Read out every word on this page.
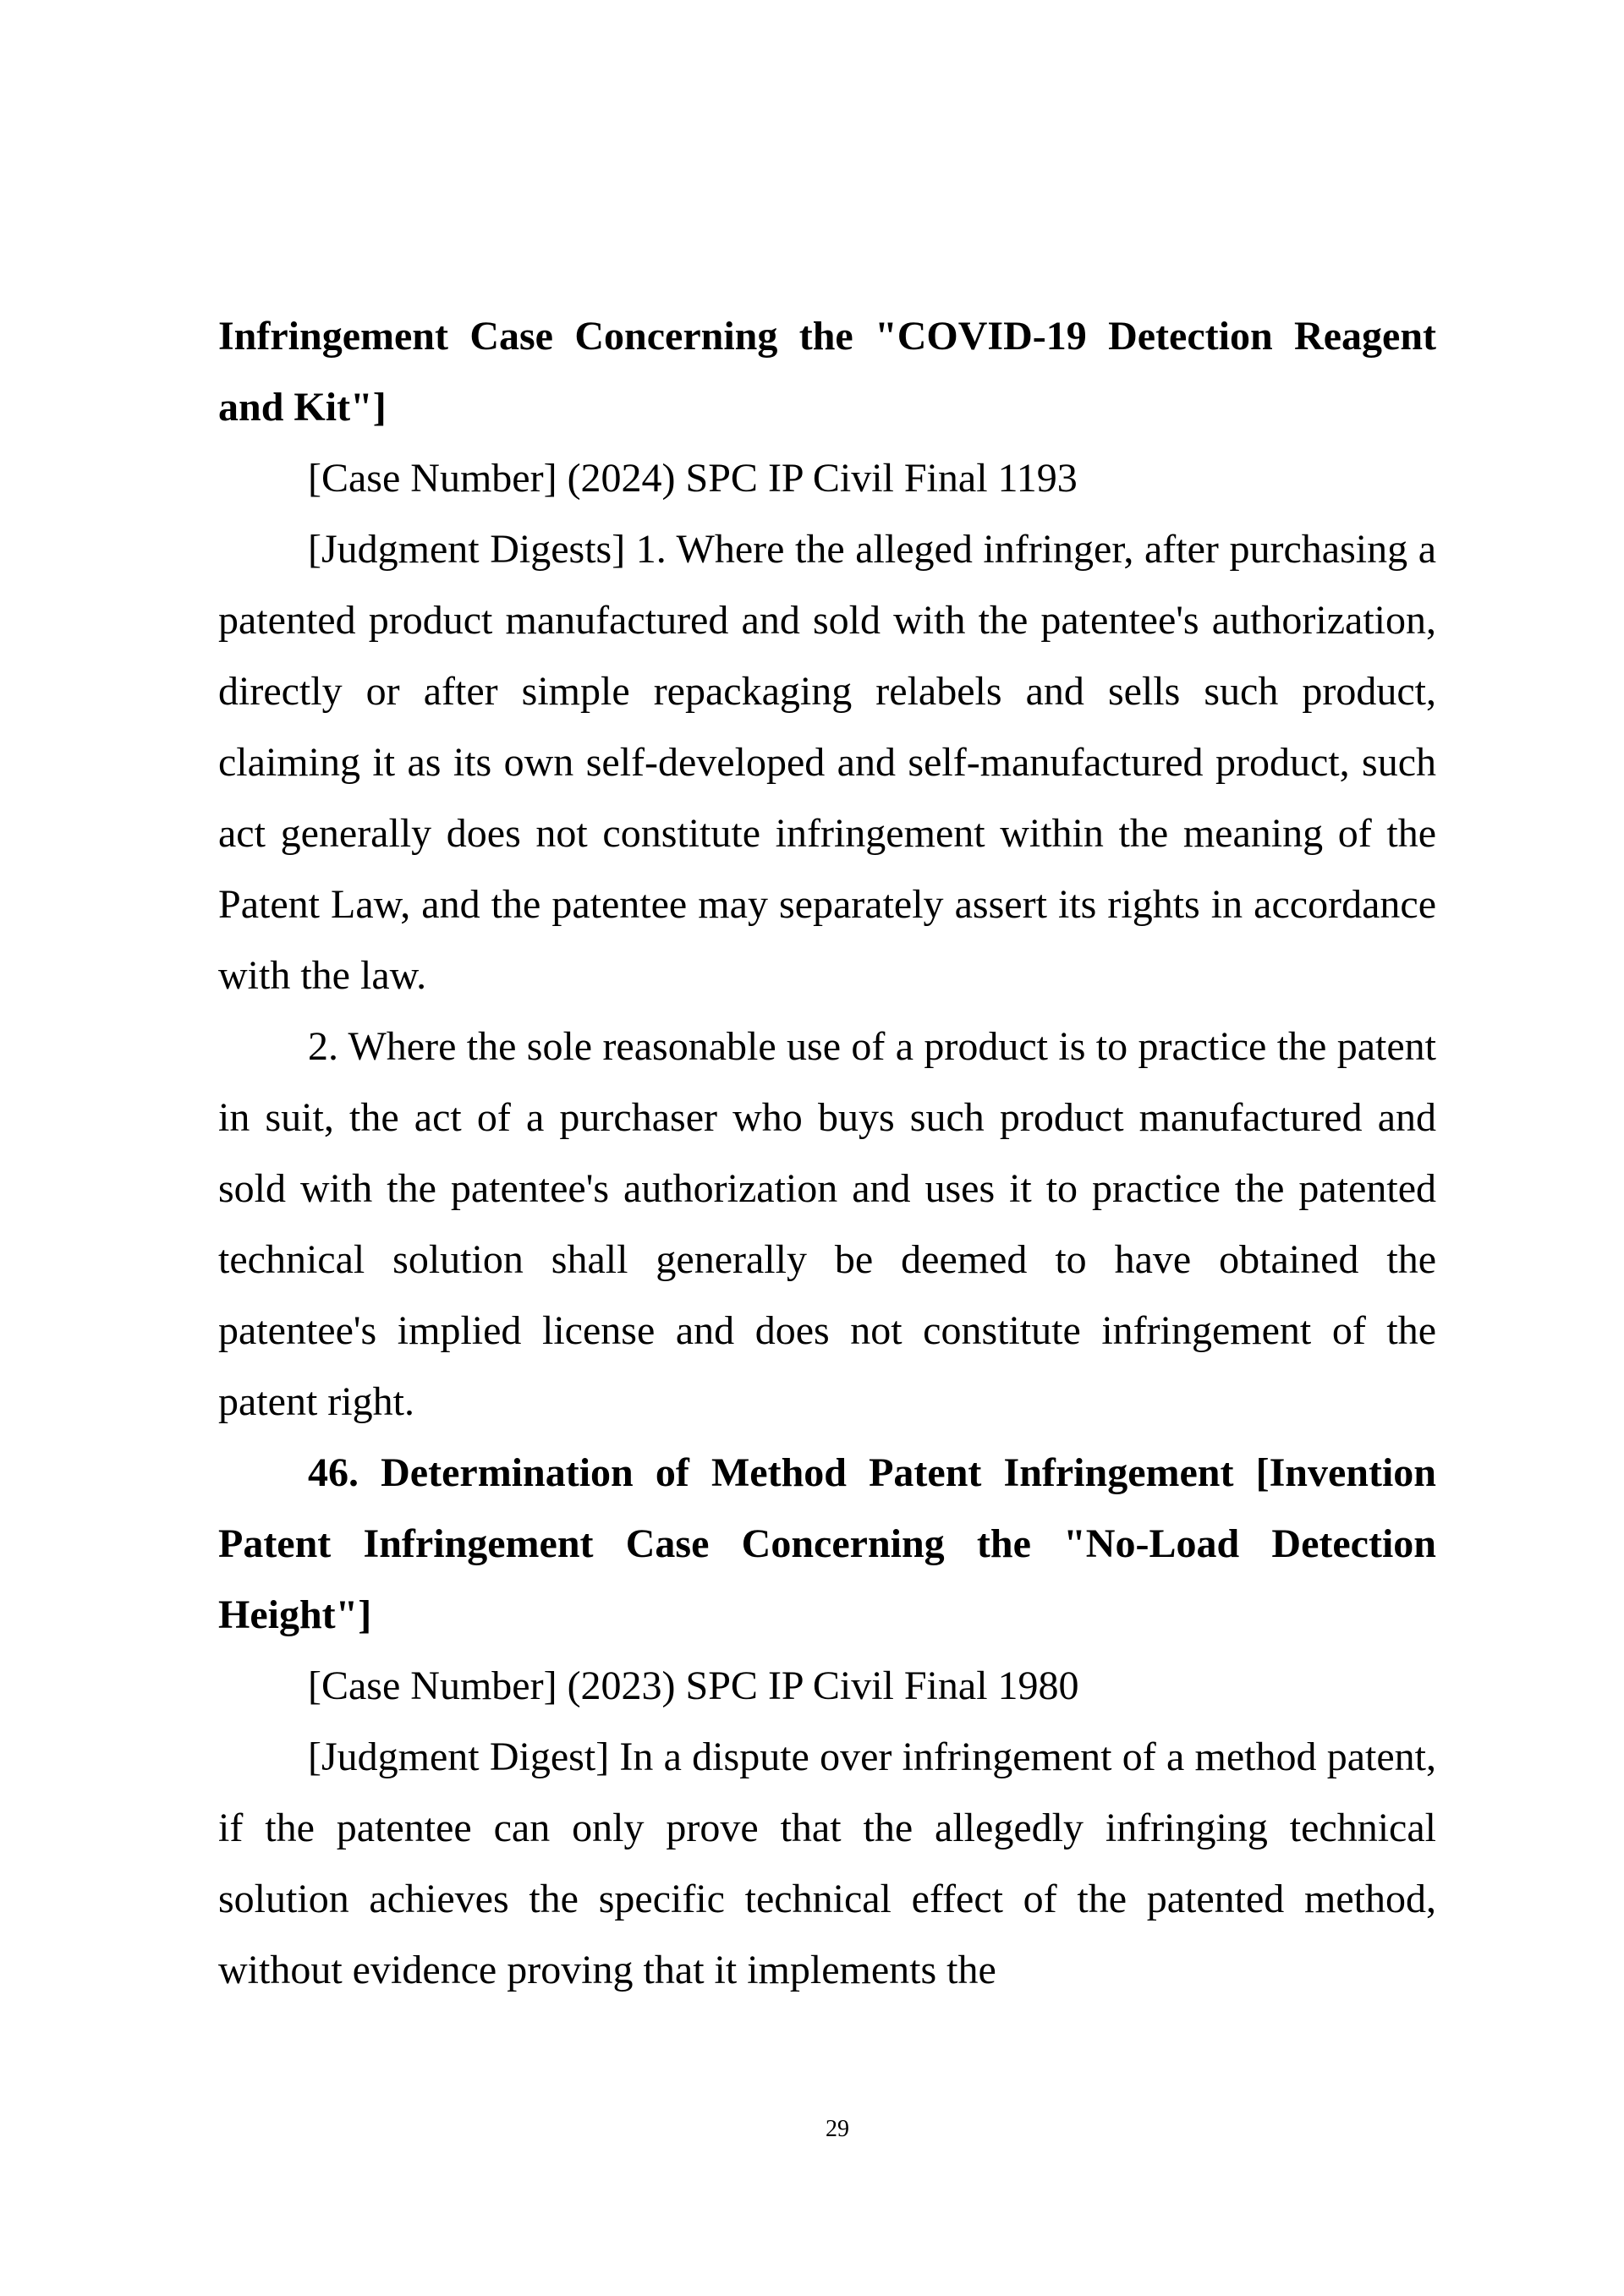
Infringement Case Concerning the "COVID-19 Detection Reagent and Kit"]

[Case Number] (2024) SPC IP Civil Final 1193

[Judgment Digests] 1. Where the alleged infringer, after purchasing a patented product manufactured and sold with the patentee's authorization, directly or after simple repackaging relabels and sells such product, claiming it as its own self-developed and self-manufactured product, such act generally does not constitute infringement within the meaning of the Patent Law, and the patentee may separately assert its rights in accordance with the law.

2. Where the sole reasonable use of a product is to practice the patent in suit, the act of a purchaser who buys such product manufactured and sold with the patentee's authorization and uses it to practice the patented technical solution shall generally be deemed to have obtained the patentee's implied license and does not constitute infringement of the patent right.

46. Determination of Method Patent Infringement [Invention Patent Infringement Case Concerning the "No-Load Detection Height"]

[Case Number] (2023) SPC IP Civil Final 1980

[Judgment Digest] In a dispute over infringement of a method patent, if the patentee can only prove that the allegedly infringing technical solution achieves the specific technical effect of the patented method, without evidence proving that it implements the

29
